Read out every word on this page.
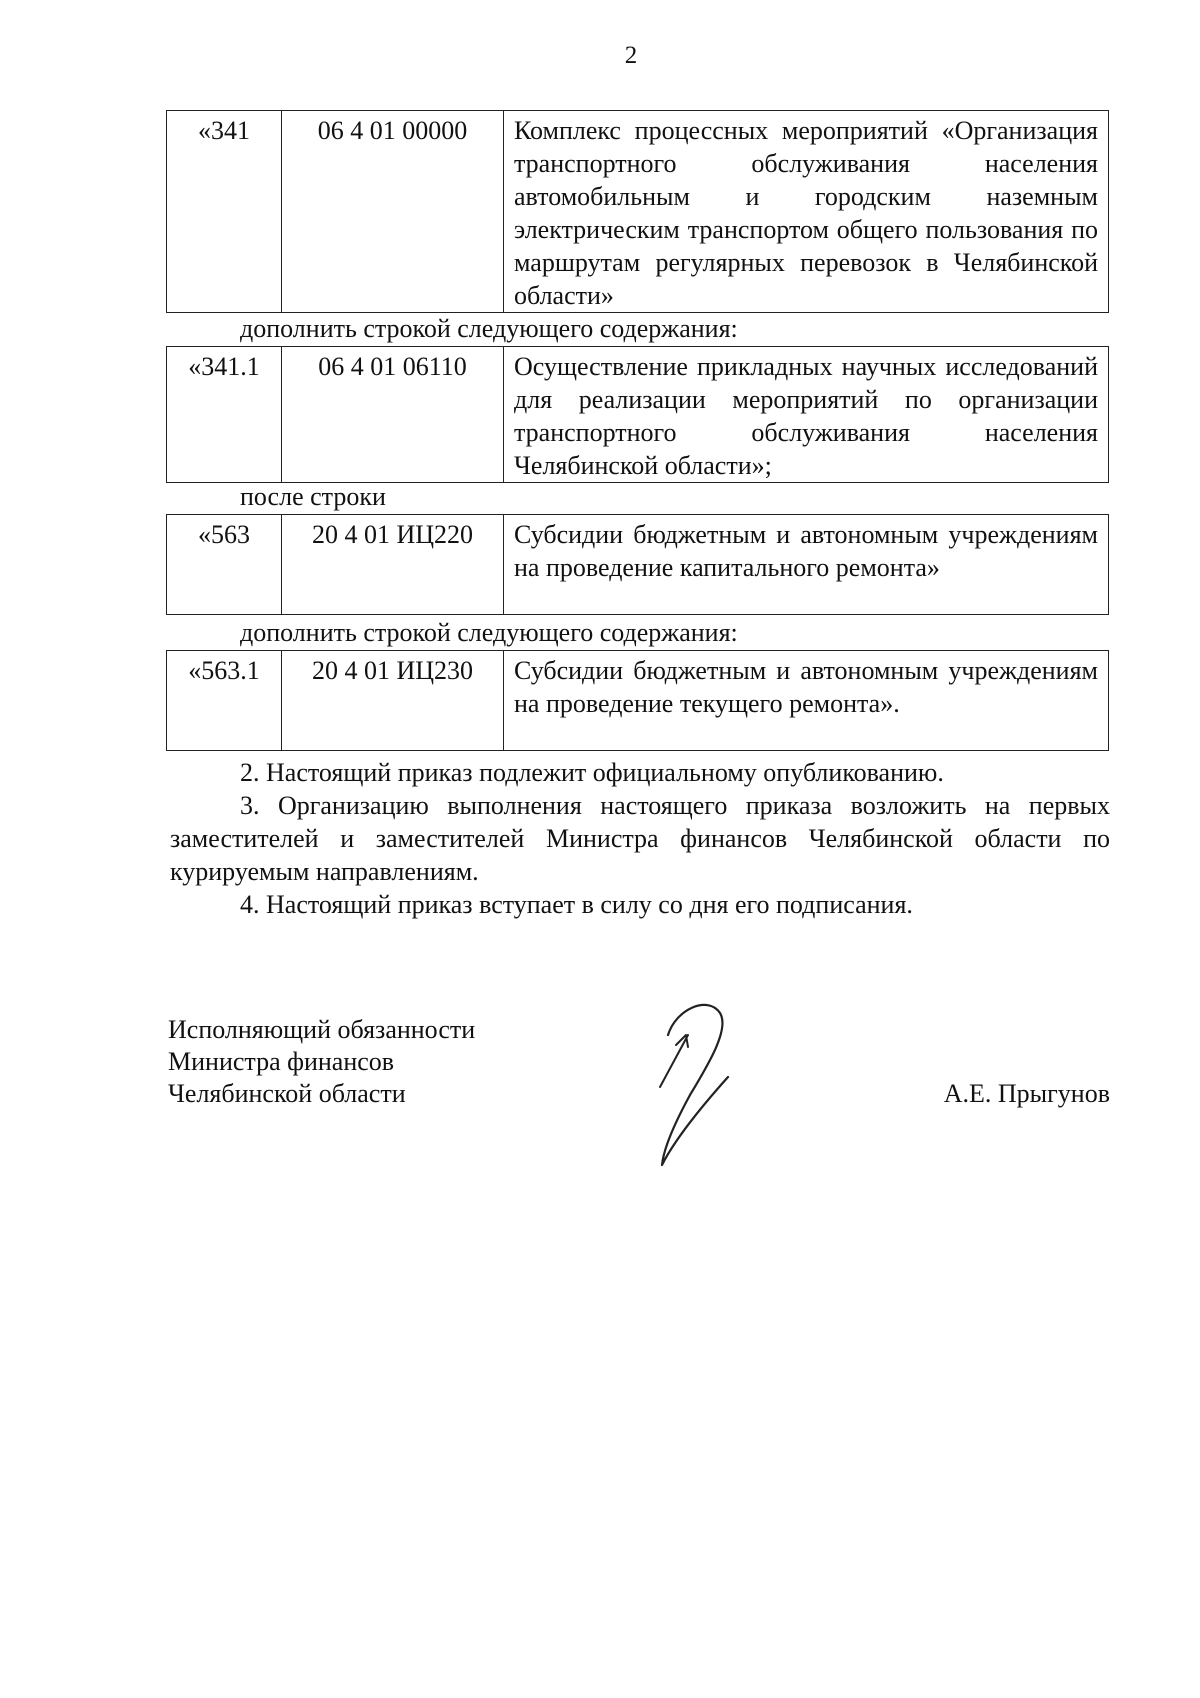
2
«341	06 4 01 00000	Комплекс процессных мероприятий «Организация транспортного обслуживания населения автомобильным и городским наземным электрическим транспортом общего пользования по маршрутам регулярных перевозок в Челябинской области»
дополнить строкой следующего содержания:
«341.1	06 4 01 06110	Осуществление прикладных научных исследований для реализации мероприятий по организации транспортного обслуживания населения Челябинской области»;
после строки
«563	20 4 01 ИЦ220	Субсидии бюджетным и автономным учреждениям на проведение капитального ремонта»
дополнить строкой следующего содержания:
«563.1	20 4 01 ИЦ230	Субсидии бюджетным и автономным учреждениям на проведение текущего ремонта».

2. Настоящий приказ подлежит официальному опубликованию.

3. Организацию выполнения настоящего приказа возложить на первых заместителей и заместителей Министра финансов Челябинской области по курируемым направлениям.

4. Настоящий приказ вступает в силу со дня его подписания.

Исполняющий обязанности
Министра финансов
Челябинской области	А.Е. Прыгунов
